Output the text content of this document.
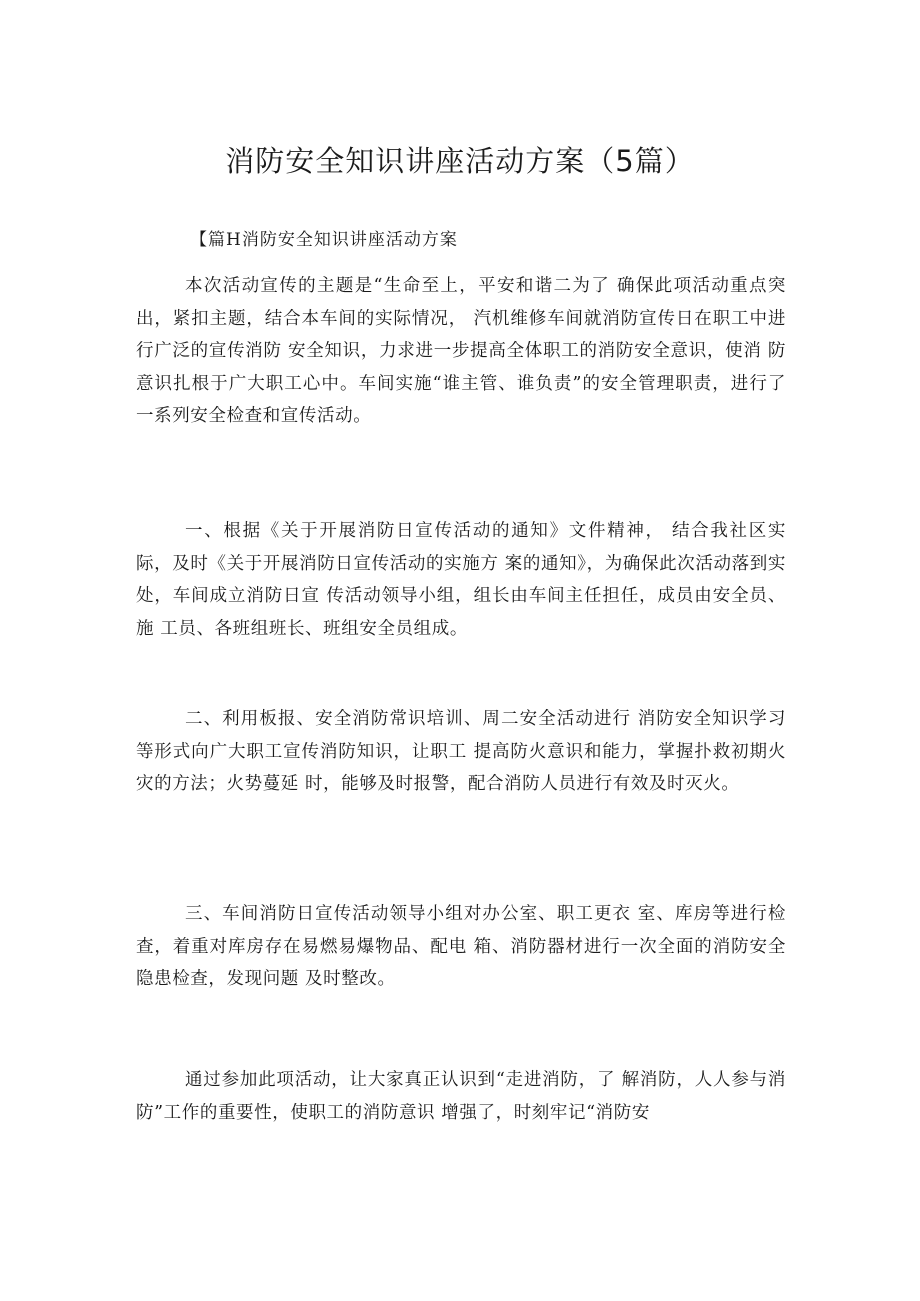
消防安全知识讲座活动方案（5篇）

【篇H消防安全知识讲座活动方案

本次活动宣传的主题是“生命至上，平安和谐二为了 确保此项活动重点突出，紧扣主题，结合本车间的实际情况， 汽机维修车间就消防宣传日在职工中进行广泛的宣传消防 安全知识，力求进一步提高全体职工的消防安全意识，使消 防意识扎根于广大职工心中。车间实施“谁主管、谁负责”的安全管理职责，进行了一系列安全检查和宣传活动。

一、根据《关于开展消防日宣传活动的通知》文件精神， 结合我社区实际，及时《关于开展消防日宣传活动的实施方 案的通知》，为确保此次活动落到实处，车间成立消防日宣 传活动领导小组，组长由车间主任担任，成员由安全员、施 工员、各班组班长、班组安全员组成。

二、利用板报、安全消防常识培训、周二安全活动进行 消防安全知识学习等形式向广大职工宣传消防知识，让职工 提高防火意识和能力，掌握扑救初期火灾的方法；火势蔓延 时，能够及时报警，配合消防人员进行有效及时灭火。

三、车间消防日宣传活动领导小组对办公室、职工更衣 室、库房等进行检查，着重对库房存在易燃易爆物品、配电 箱、消防器材进行一次全面的消防安全隐患检查，发现问题 及时整改。

通过参加此项活动，让大家真正认识到“走进消防，了 解消防，人人参与消防”工作的重要性，使职工的消防意识 增强了，时刻牢记“消防安
